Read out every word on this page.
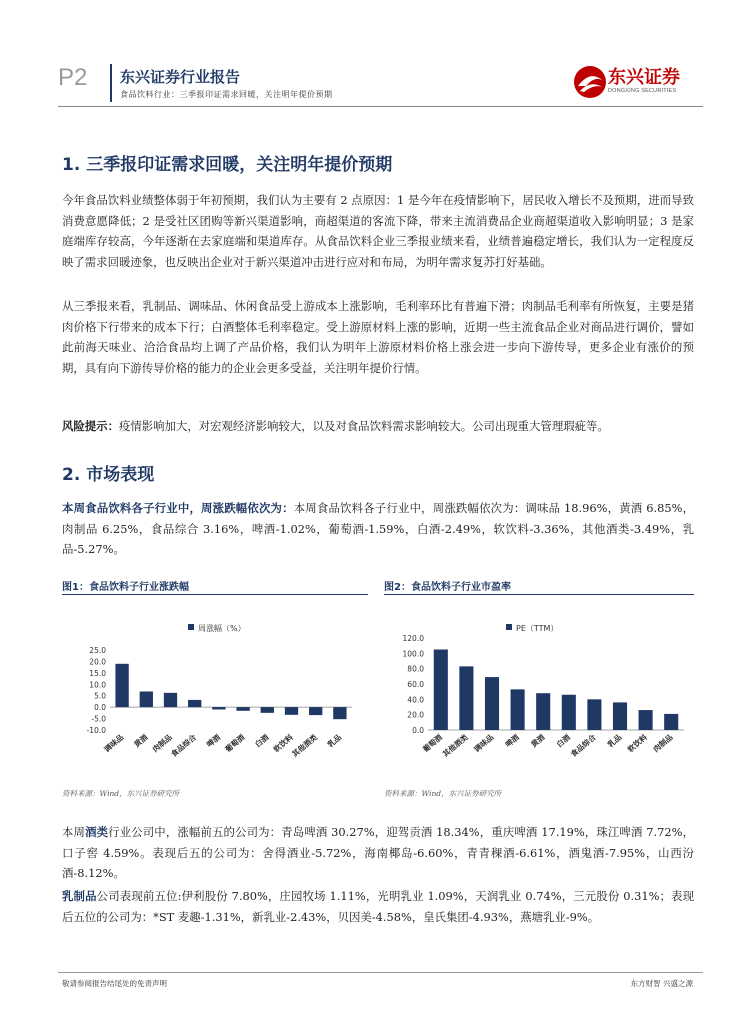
P2 东兴证券行业报告
食品饮料行业：三季报印证需求回暖，关注明年提价预期
东兴证券
DONGXING SECURITIES
1. 三季报印证需求回暖，关注明年提价预期
今年食品饮料业绩整体弱于年初预期，我们认为主要有 2 点原因：1 是今年在疫情影响下，居民收入增长不及预期，进而导致消费意愿降低；2 是受社区团购等新兴渠道影响，商超渠道的客流下降，带来主流消费品企业商超渠道收入影响明显；3 是家庭端库存较高，今年逐渐在去家庭端和渠道库存。从食品饮料企业三季报业绩来看，业绩普遍稳定增长，我们认为一定程度反映了需求回暖迹象，也反映出企业对于新兴渠道冲击进行应对和布局，为明年需求复苏打好基础。
从三季报来看，乳制品、调味品、休闲食品受上游成本上涨影响，毛利率环比有普遍下滑；肉制品毛利率有所恢复，主要是猪肉价格下行带来的成本下行；白酒整体毛利率稳定。受上游原材料上涨的影响，近期一些主流食品企业对商品进行调价，譬如此前海天味业、洽洽食品均上调了产品价格，我们认为明年上游原材料价格上涨会进一步向下游传导，更多企业有涨价的预期，具有向下游传导价格的能力的企业会更多受益，关注明年提价行情。
风险提示：疫情影响加大，对宏观经济影响较大，以及对食品饮料需求影响较大。公司出现重大管理瑕疵等。
2. 市场表现
本周食品饮料各子行业中，周涨跌幅依次为：本周食品饮料各子行业中，周涨跌幅依次为：调味品 18.96%，黄酒 6.85%，肉制品 6.25%，食品综合 3.16%，啤酒-1.02%，葡萄酒-1.59%，白酒-2.49%，软饮料-3.36%，其他酒类-3.49%，乳品-5.27%。
图1：食品饮料子行业涨跌幅
周涨幅（%）
25.0
20.0
15.0
10.0
5.0
0.0
-5.0
-10.0
调味品 黄酒 肉制品
食品综合 啤酒 葡萄酒 白酒 软饮料
其他酒类 乳品
资料来源：Wind，东兴证券研究所
图2：食品饮料子行业市盈率
PE（TTM）
120.0
100.0
80.0
60.0
40.0
20.0
0.0
葡萄酒
其他酒类 调味品 啤酒 黄酒 白酒
食品综合 乳品 软饮料 肉制品
资料来源：Wind，东兴证券研究所
本周酒类行业公司中，涨幅前五的公司为：青岛啤酒 30.27%，迎驾贡酒 18.34%，重庆啤酒 17.19%，珠江啤酒 7.72%，口子窖 4.59%。表现后五的公司为：舍得酒业-5.72%，海南椰岛-6.60%，青青稞酒-6.61%，酒鬼酒-7.95%，山西汾酒-8.12%。
乳制品公司表现前五位:伊利股份 7.80%，庄园牧场 1.11%，光明乳业 1.09%，天润乳业 0.74%，三元股份 0.31%；表现后五位的公司为：*ST 麦趣-1.31%，新乳业-2.43%，贝因美-4.58%，皇氏集团-4.93%，燕塘乳业-9%。
敬请参阅报告结尾处的免责声明	东方财智 兴盛之源
